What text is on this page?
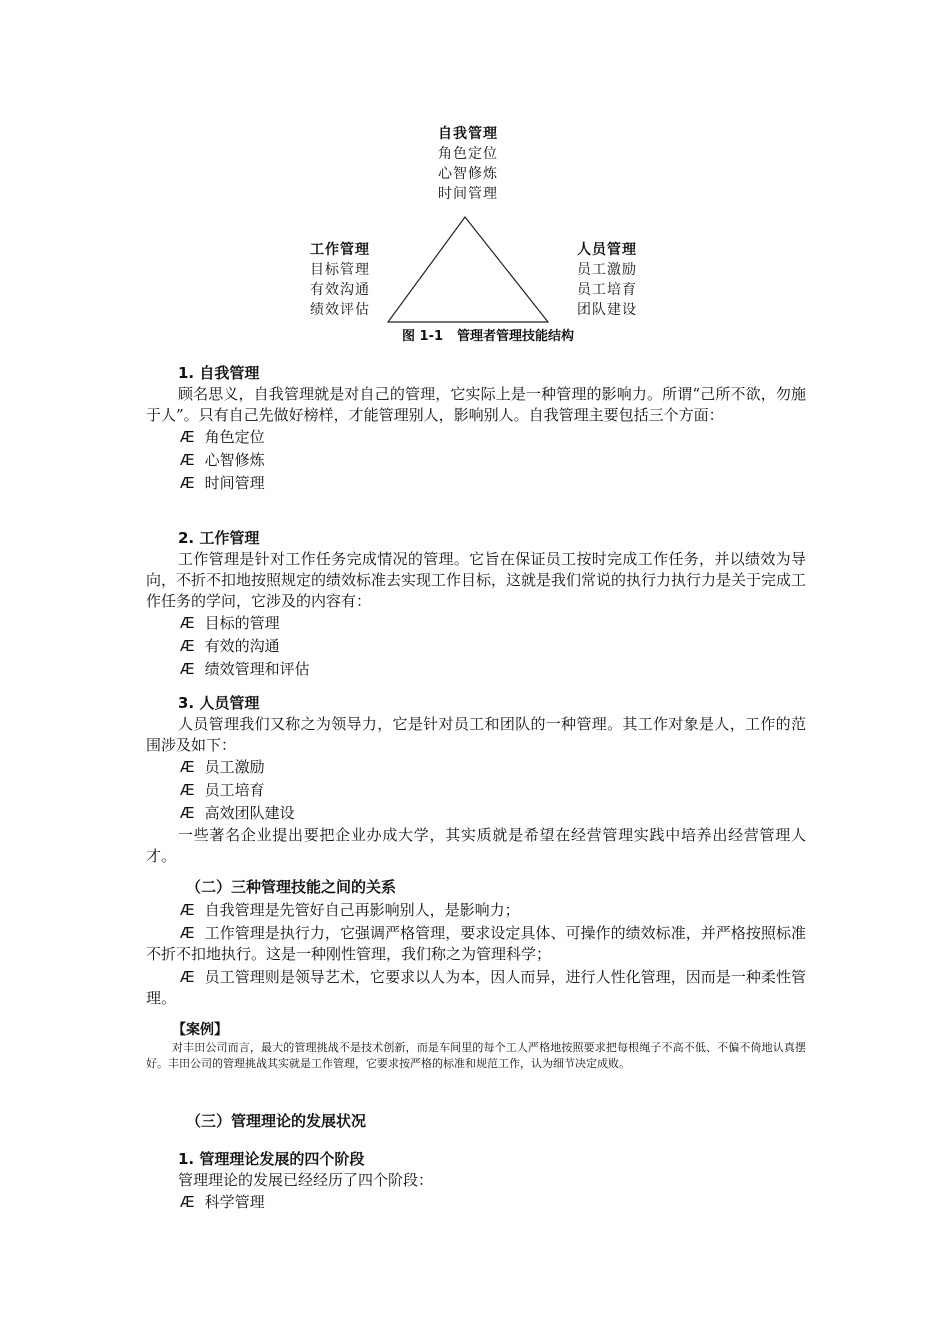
自我管理
角色定位
心智修炼
时间管理
工作管理
目标管理
有效沟通
绩效评估
人员管理
员工激励
员工培育
团队建设
图 1-1 管理者管理技能结构
1. 自我管理

顾名思义，自我管理就是对自己的管理，它实际上是一种管理的影响力。所谓“己所不欲，勿施于人”。只有自己先做好榜样，才能管理别人，影响别人。自我管理主要包括三个方面：

Æ 角色定位
Æ 心智修炼
Æ 时间管理
2. 工作管理

工作管理是针对工作任务完成情况的管理。它旨在保证员工按时完成工作任务，并以绩效为导向，不折不扣地按照规定的绩效标准去实现工作目标，这就是我们常说的执行力执行力是关于完成工作任务的学问，它涉及的内容有：

Æ 目标的管理
Æ 有效的沟通
Æ 绩效管理和评估
3. 人员管理

人员管理我们又称之为领导力，它是针对员工和团队的一种管理。其工作对象是人，工作的范围涉及如下：

Æ 员工激励
Æ 员工培育
Æ 高效团队建设

一些著名企业提出要把企业办成大学，其实质就是希望在经营管理实践中培养出经营管理人才。

（二）三种管理技能之间的关系

Æ 自我管理是先管好自己再影响别人，是影响力；

Æ 工作管理是执行力，它强调严格管理，要求设定具体、可操作的绩效标准，并严格按照标准不折不扣地执行。这是一种刚性管理，我们称之为管理科学；

Æ 员工管理则是领导艺术，它要求以人为本，因人而异，进行人性化管理，因而是一种柔性管理。

【案例】

对丰田公司而言，最大的管理挑战不是技术创新，而是车间里的每个工人严格地按照要求把每根绳子不高不低、不偏不倚地认真摆好。丰田公司的管理挑战其实就是工作管理，它要求按严格的标准和规范工作，认为细节决定成败。

（三）管理理论的发展状况
1. 管理理论发展的四个阶段

管理理论的发展已经经历了四个阶段：

Æ 科学管理
